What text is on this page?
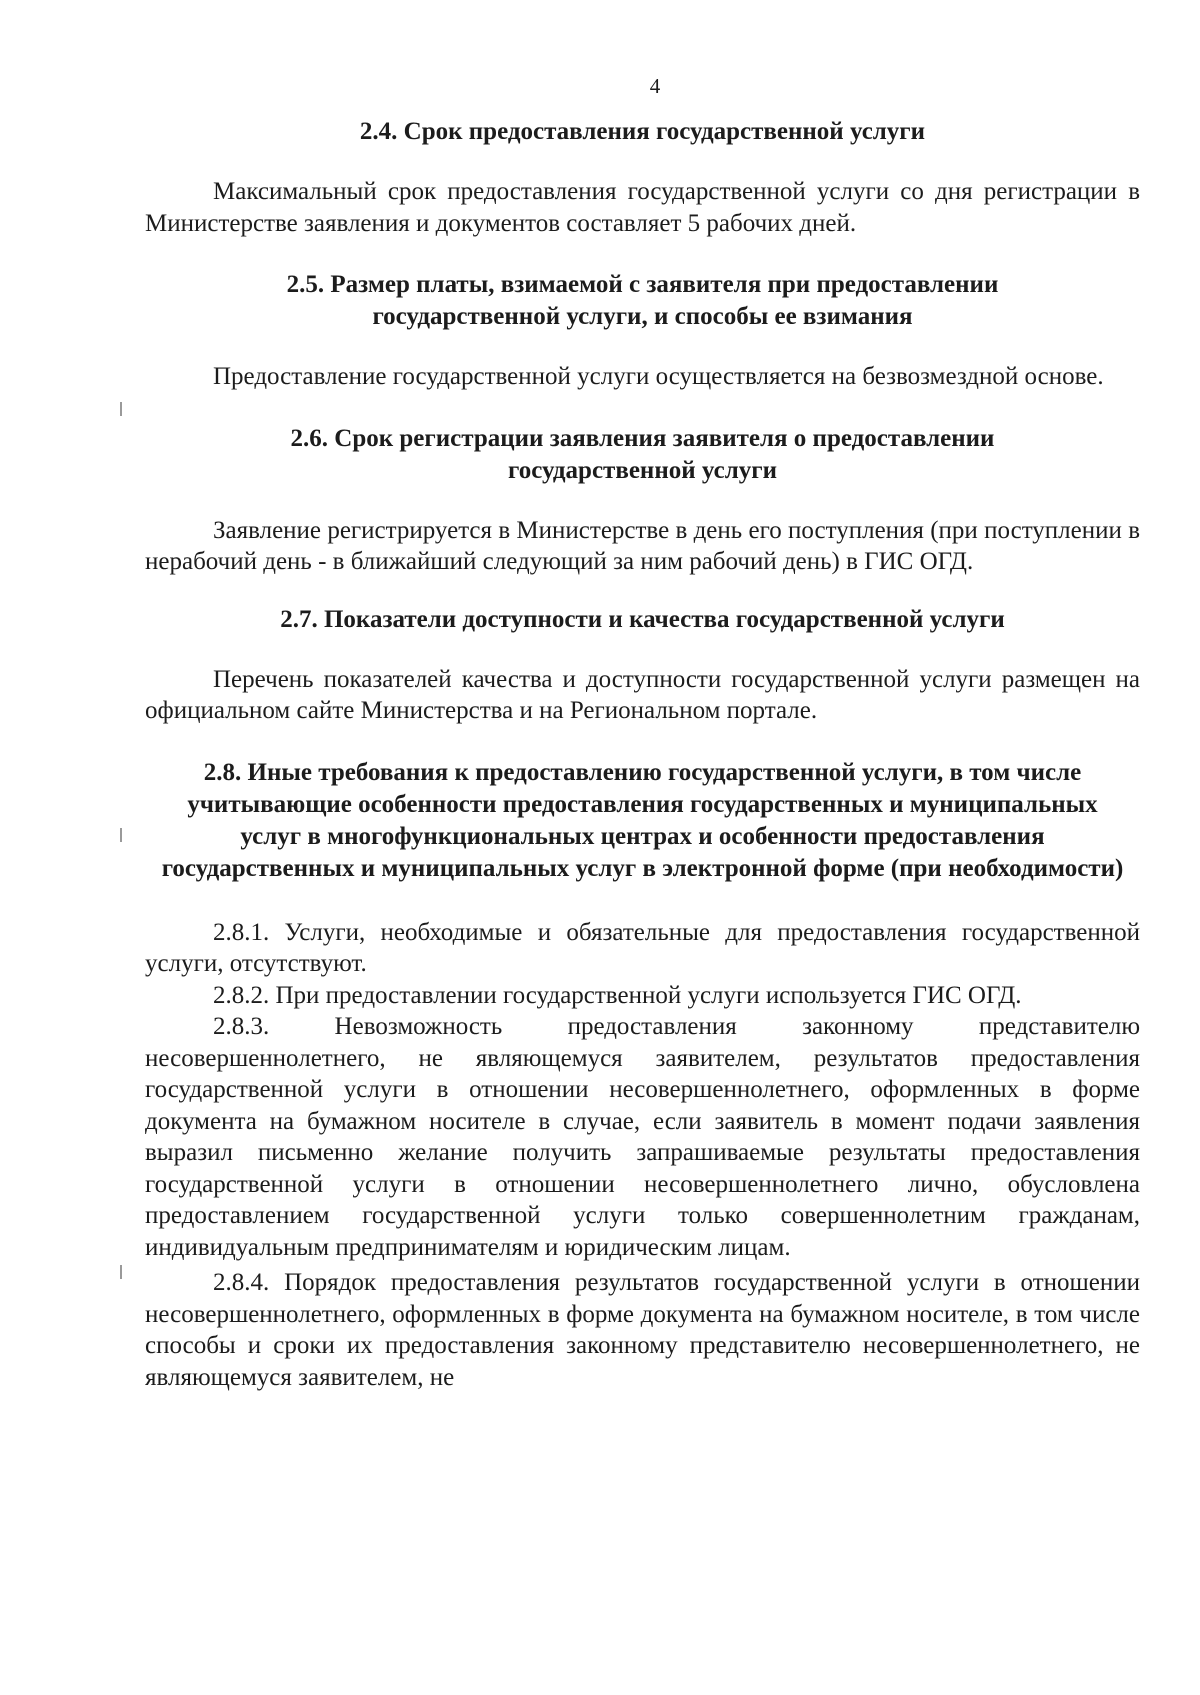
4
2.4. Срок предоставления государственной услуги

Максимальный срок предоставления государственной услуги со дня регистрации в Министерстве заявления и документов составляет 5 рабочих дней.

2.5. Размер платы, взимаемой с заявителя при предоставлении государственной услуги, и способы ее взимания

Предоставление государственной услуги осуществляется на безвозмездной основе.

2.6. Срок регистрации заявления заявителя о предоставлении государственной услуги

Заявление регистрируется в Министерстве в день его поступления (при поступлении в нерабочий день - в ближайший следующий за ним рабочий день) в ГИС ОГД.

2.7. Показатели доступности и качества государственной услуги

Перечень показателей качества и доступности государственной услуги размещен на официальном сайте Министерства и на Региональном портале.

2.8. Иные требования к предоставлению государственной услуги, в том числе учитывающие особенности предоставления государственных и муниципальных услуг в многофункциональных центрах и особенности предоставления государственных и муниципальных услуг в электронной форме (при необходимости)

2.8.1. Услуги, необходимые и обязательные для предоставления государственной услуги, отсутствуют.

2.8.2. При предоставлении государственной услуги используется ГИС ОГД.

2.8.3. Невозможность предоставления законному представителю несовершеннолетнего, не являющемуся заявителем, результатов предоставления государственной услуги в отношении несовершеннолетнего, оформленных в форме документа на бумажном носителе в случае, если заявитель в момент подачи заявления выразил письменно желание получить запрашиваемые результаты предоставления государственной услуги в отношении несовершеннолетнего лично, обусловлена предоставлением государственной услуги только совершеннолетним гражданам, индивидуальным предпринимателям и юридическим лицам.

2.8.4. Порядок предоставления результатов государственной услуги в отношении несовершеннолетнего, оформленных в форме документа на бумажном носителе, в том числе способы и сроки их предоставления законному представителю несовершеннолетнего, не являющемуся заявителем, не
